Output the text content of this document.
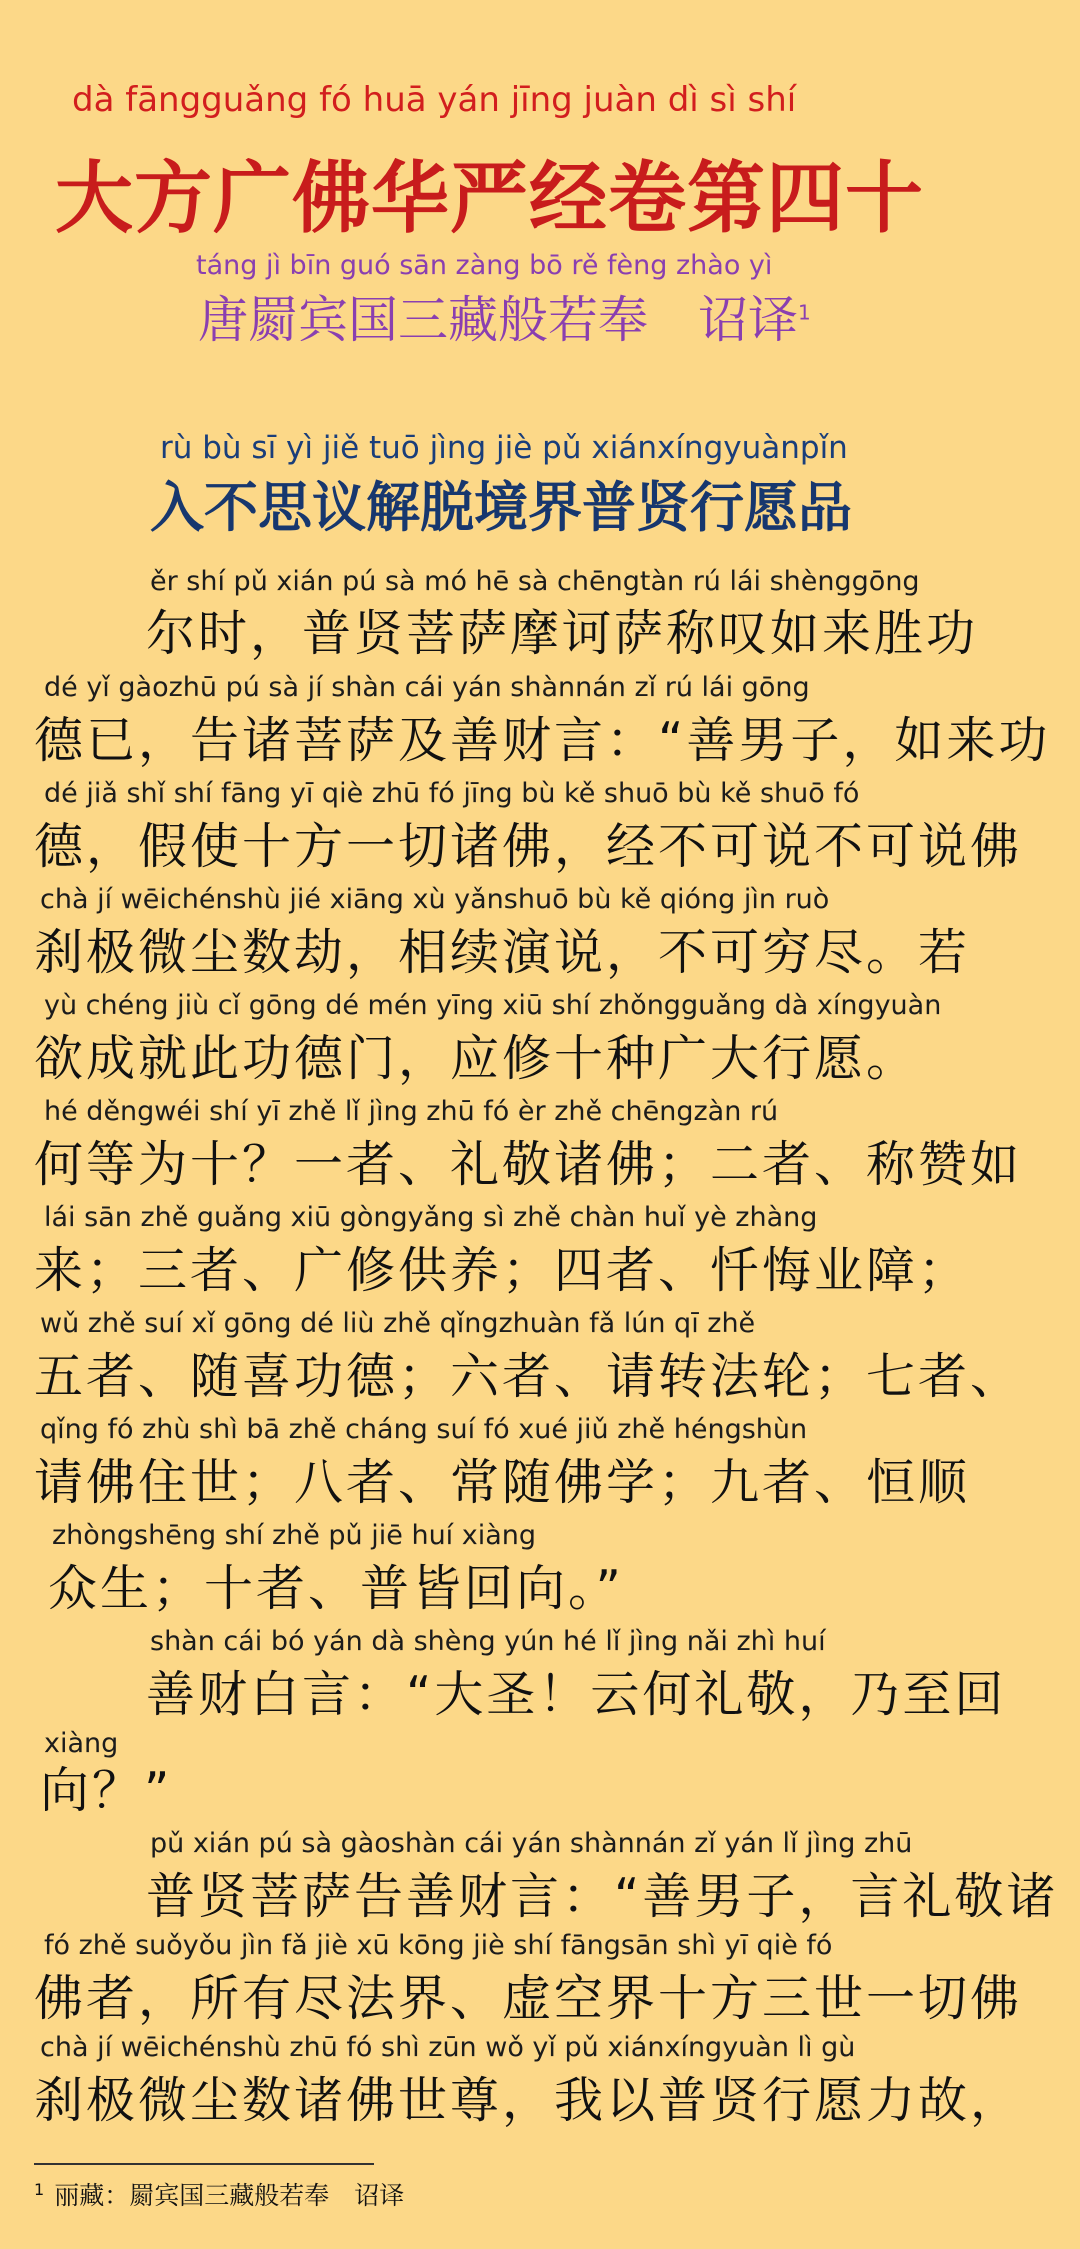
dà fāngguǎng fó huā yán jīng juàn dì sì shí
大方广佛华严经卷第四十
táng jì bīn guó sān zàng bō rě fèng zhào yì
唐罽宾国三藏般若奉　诏译$^1$
rù bù sī yì jiě tuō jìng jiè pǔ xiánxíngyuànpǐn
入不思议解脱境界普贤行愿品
ěr shí pǔ xián pú sà mó hē sà chēngtàn rú lái shènggōng
尔时，普贤菩萨摩诃萨称叹如来胜功
dé yǐ gàozhū pú sà jí shàn cái yán shànnán zǐ rú lái gōng
德已，告诸菩萨及善财言：“善男子，如来功
dé jiǎ shǐ shí fāng yī qiè zhū fó jīng bù kě shuō bù kě shuō fó
德，假使十方一切诸佛，经不可说不可说佛
chà jí wēichénshù jié xiāng xù yǎnshuō bù kě qióng jìn ruò
刹极微尘数劫，相续演说，不可穷尽。若
yù chéng jiù cǐ gōng dé mén yīng xiū shí zhǒngguǎng dà xíngyuàn
欲成就此功德门，应修十种广大行愿。
hé děngwéi shí yī zhě lǐ jìng zhū fó èr zhě chēngzàn rú
何等为十？一者、礼敬诸佛；二者、称赞如
lái sān zhě guǎng xiū gòngyǎng sì zhě chàn huǐ yè zhàng
来；三者、广修供养；四者、忏悔业障；
wǔ zhě suí xǐ gōng dé liù zhě qǐngzhuàn fǎ lún qī zhě
五者、随喜功德；六者、请转法轮；七者、
qǐng fó zhù shì bā zhě cháng suí fó xué jiǔ zhě héngshùn
请佛住世；八者、常随佛学；九者、恒顺
zhòngshēng shí zhě pǔ jiē huí xiàng
众生；十者、普皆回向。”
shàn cái bó yán dà shèng yún hé lǐ jìng nǎi zhì huí
善财白言：“大圣！云何礼敬，乃至回
xiàng
向？”
pǔ xián pú sà gàoshàn cái yán shànnán zǐ yán lǐ jìng zhū
普贤菩萨告善财言：“善男子，言礼敬诸
fó zhě suǒyǒu jìn fǎ jiè xū kōng jiè shí fāngsān shì yī qiè fó
佛者，所有尽法界、虚空界十方三世一切佛
chà jí wēichénshù zhū fó shì zūn wǒ yǐ pǔ xiánxíngyuàn lì gù
刹极微尘数诸佛世尊，我以普贤行愿力故，
$^1$ 丽藏：罽宾国三藏般若奉　诏译
